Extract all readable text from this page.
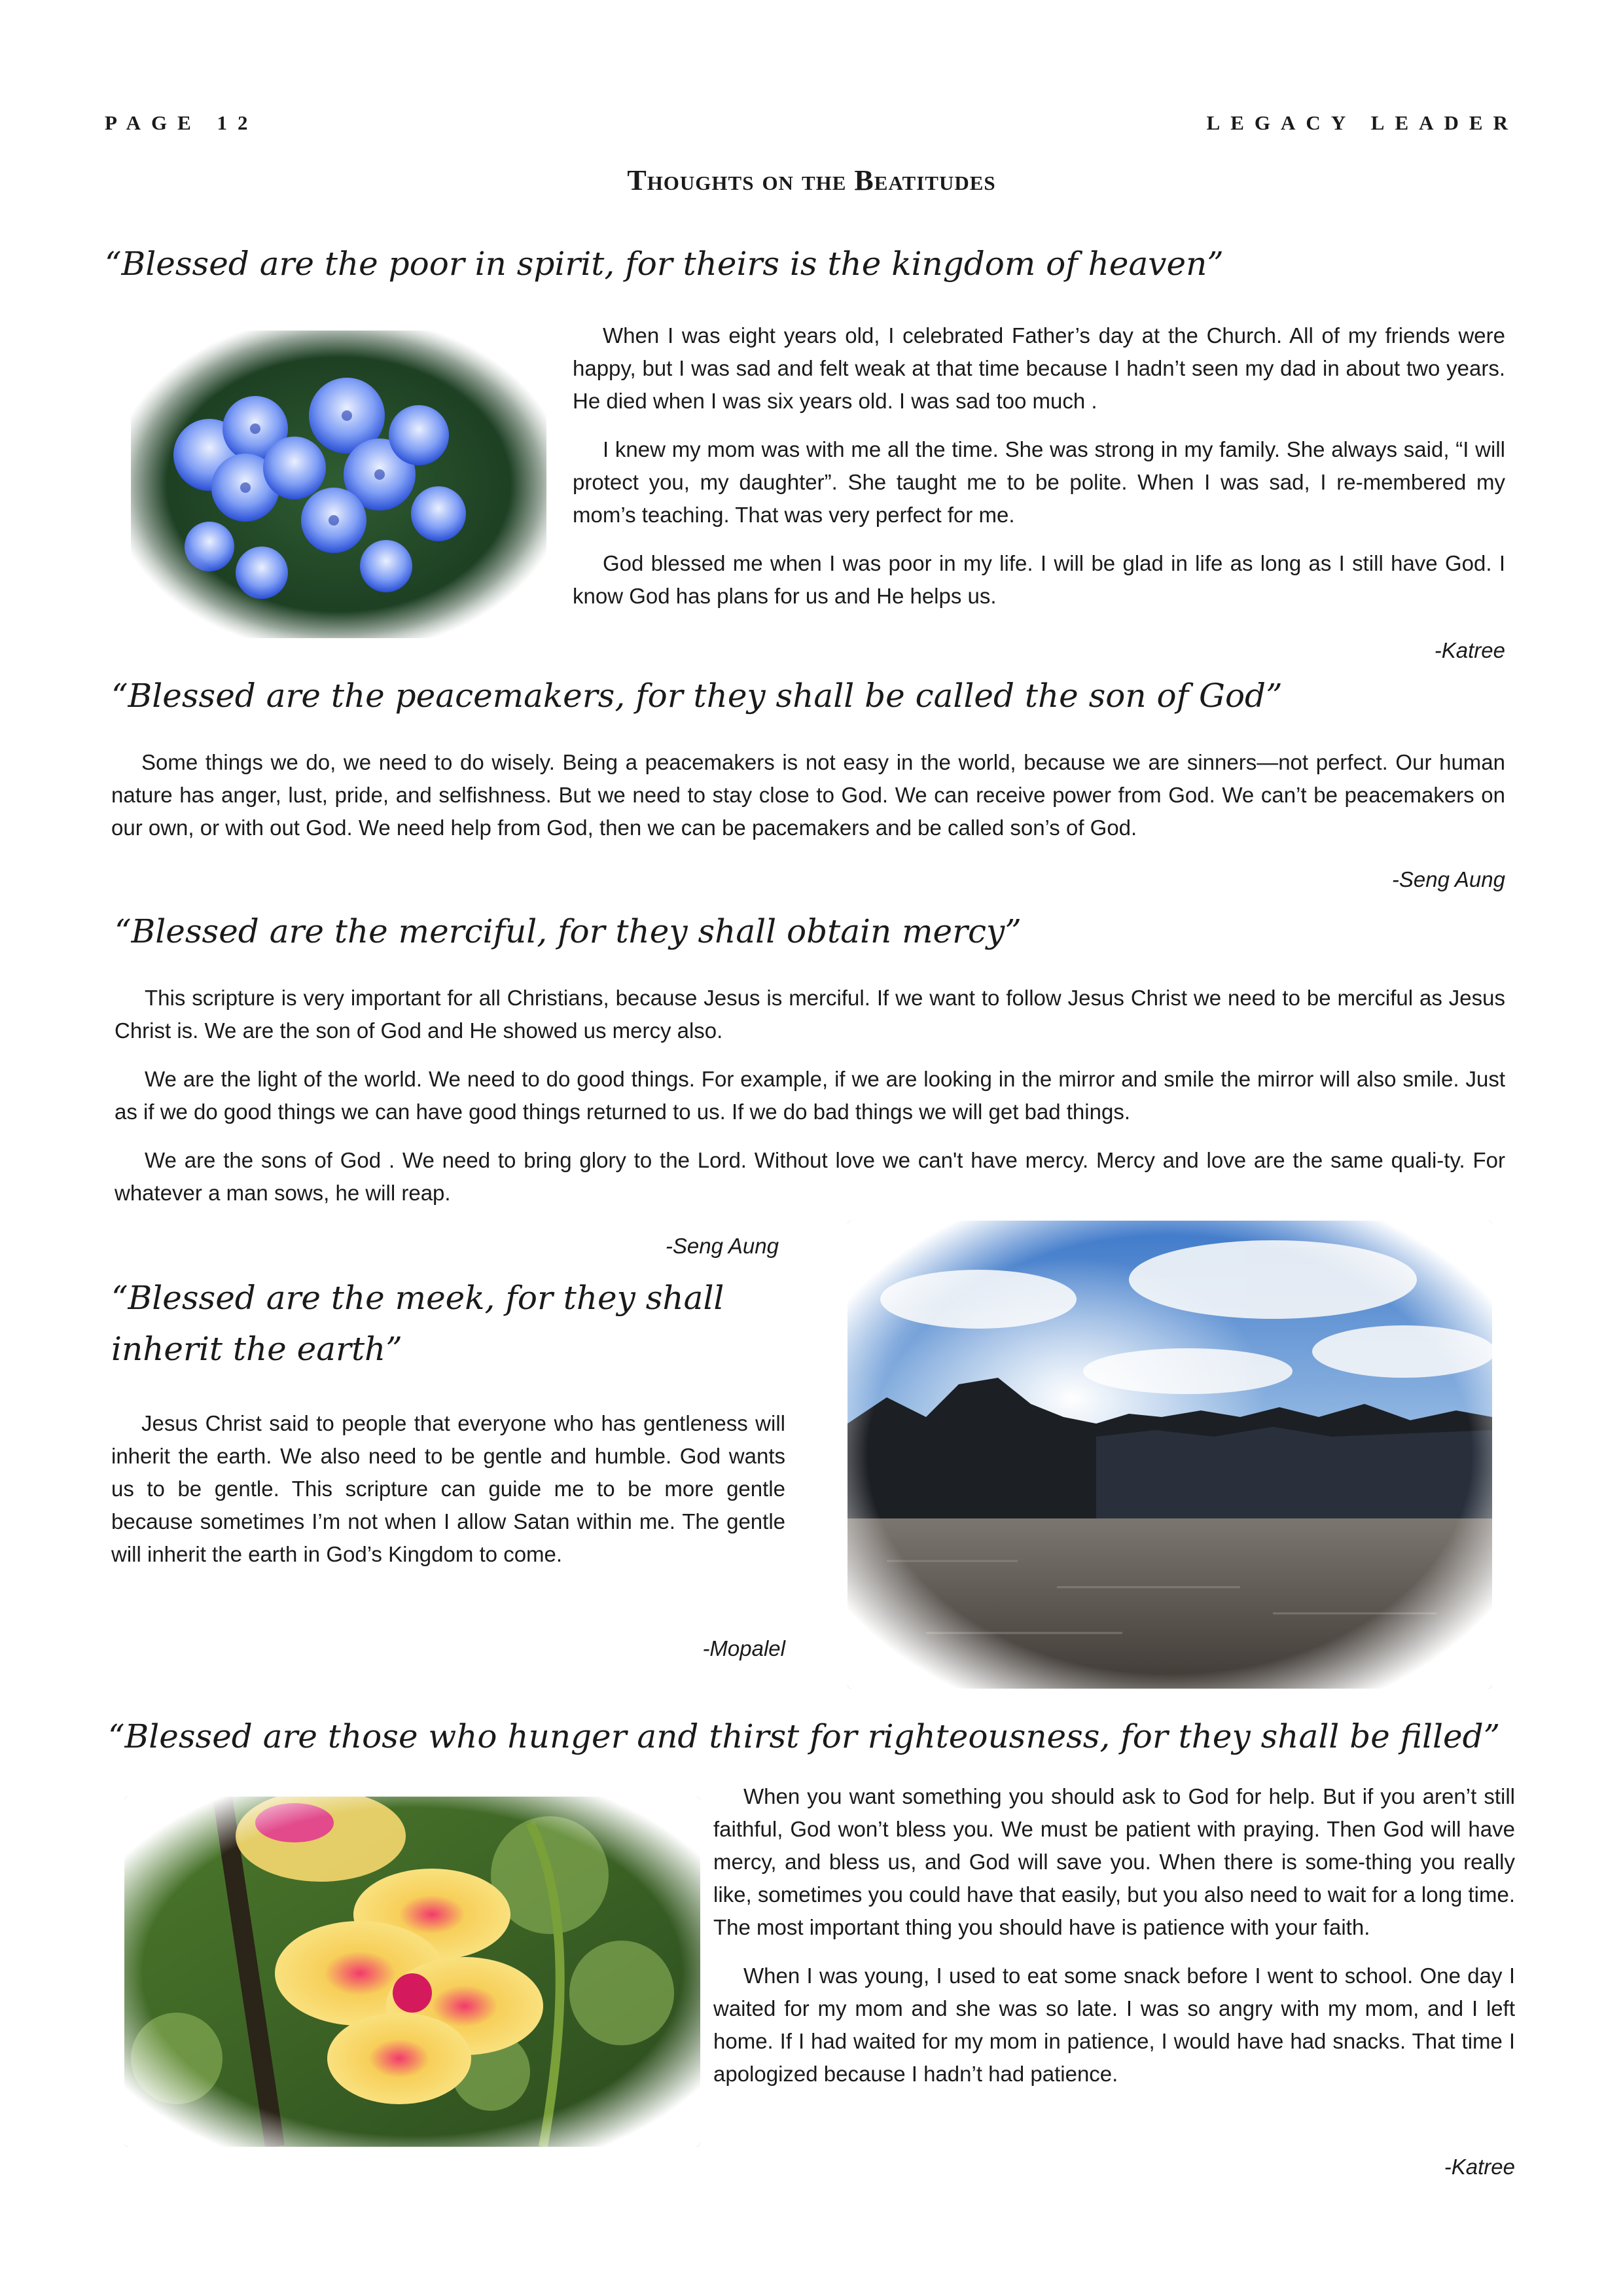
PAGE 12	LEGACY LEADER
Thoughts on the Beatitudes
“Blessed are the poor in spirit, for theirs is the kingdom of heaven”

When I was eight years old, I celebrated Father’s day at the Church. All of my friends were happy, but I was sad and felt weak at that time because I hadn’t seen my dad in about two years. He died when I was six years old. I was sad too much .

I knew my mom was with me all the time. She was strong in my family. She always said, “I will protect you, my daughter”. She taught me to be polite. When I was sad, I re-membered my mom’s teaching. That was very perfect for me.

God blessed me when I was poor in my life. I will be glad in life as long as I still have God. I know God has plans for us and He helps us.

-Katree
“Blessed are the peacemakers, for they shall be called the son of God”

Some things we do, we need to do wisely. Being a peacemakers is not easy in the world, because we are sinners—not perfect. Our human nature has anger, lust, pride, and selfishness. But we need to stay close to God. We can receive power from God. We can’t be peacemakers on our own, or with out God. We need help from God, then we can be pacemakers and be called son’s of God.

-Seng Aung
“Blessed are the merciful, for they shall obtain mercy”

This scripture is very important for all Christians, because Jesus is merciful. If we want to follow Jesus Christ we need to be merciful as Jesus Christ is. We are the son of God and He showed us mercy also.

We are the light of the world. We need to do good things. For example, if we are looking in the mirror and smile the mirror will also smile. Just as if we do good things we can have good things returned to us. If we do bad things we will get bad things.

We are the sons of God . We need to bring glory to the Lord. Without love we can't have mercy. Mercy and love are the same quali-ty. For whatever a man sows, he will reap.

-Seng Aung
“Blessed are the meek, for they shall inherit the earth”

Jesus Christ said to people that everyone who has gentleness will inherit the earth. We also need to be gentle and humble. God wants us to be gentle. This scripture can guide me to be more gentle because sometimes I’m not when I allow Satan within me. The gentle will inherit the earth in God’s Kingdom to come.

-Mopalel
“Blessed are those who hunger and thirst for righteousness, for they shall be filled”

When you want something you should ask to God for help. But if you aren’t still faithful, God won’t bless you. We must be patient with praying. Then God will have mercy, and bless us, and God will save you. When there is some-thing you really like, sometimes you could have that easily, but you also need to wait for a long time. The most important thing you should have is patience with your faith.

When I was young, I used to eat some snack before I went to school. One day I waited for my mom and she was so late. I was so angry with my mom, and I left home. If I had waited for my mom in patience, I would have had snacks. That time I apologized because I hadn’t had patience.

-Katree
